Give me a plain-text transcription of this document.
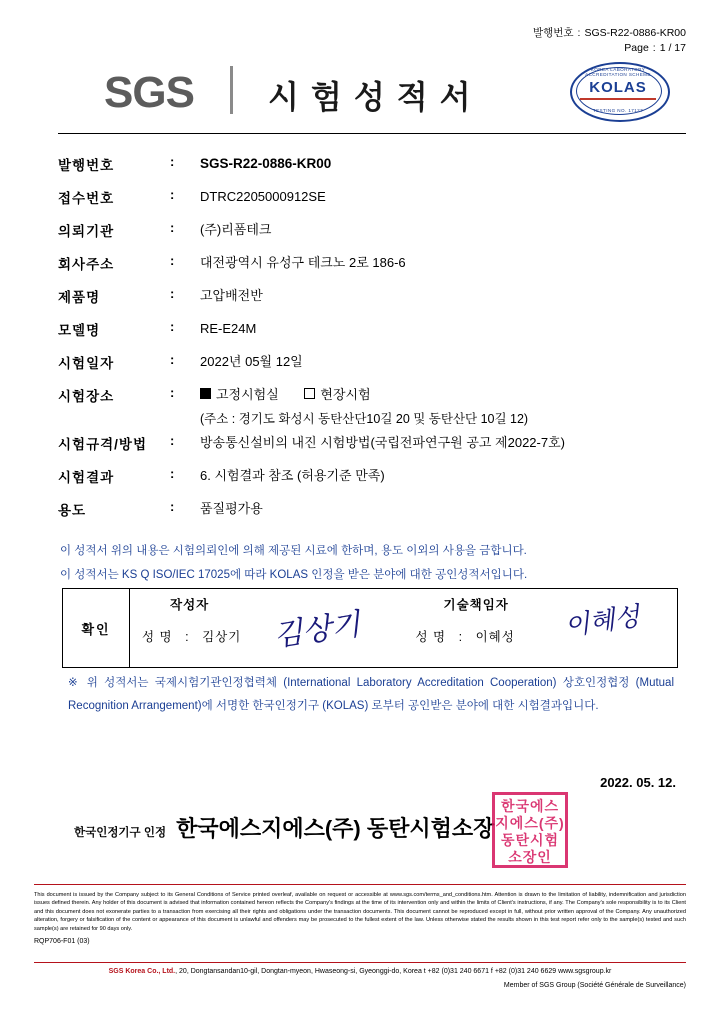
발행번호 : SGS-R22-0886-KR00
Page : 1 / 17
SGS 시험성적서
KOREA LABORATORY ACCREDITATION SCHEME
KOLAS
TESTING NO. 17127
발행번호	:	SGS-R22-0886-KR00
접수번호	:	DTRC2205000912SE
의뢰기관	:	(주)리폼테크
회사주소	:	대전광역시 유성구 테크노 2로 186-6
제품명	:	고압배전반
모델명	:	RE-E24M
시험일자	:	2022년 05월 12일
시험장소	:	고정시험실	현장시험
(주소 : 경기도 화성시 동탄산단10길 20 및 동탄산단 10길 12)
시험규격/방법	:	방송통신설비의 내진 시험방법(국립전파연구원 공고 제2022-7호)
시험결과	:	6. 시험결과 참조 (허용기준 만족)
용도	:	품질평가용
이 성적서 위의 내용은 시험의뢰인에 의해 제공된 시료에 한하며, 용도 이외의 사용을 금합니다.
이 성적서는 KS Q ISO/IEC 17025에 따라 KOLAS 인정을 받은 분야에 대한 공인성적서입니다.
확인
작성자
성 명 : 김상기 김상기
기술책임자
성 명 : 이혜성	이혜성
※ 위 성적서는 국제시험기관인정협력체 (International Laboratory Accreditation Cooperation) 상호인정협정 (Mutual Recognition Arrangement)에 서명한 한국인정기구 (KOLAS) 로부터 공인받은 분야에 대한 시험결과입니다.
2022. 05. 12.
한국인정기구 인정 한국에스지에스(주) 동탄시험소장
한국에스지에스(주)동탄시험소장인
This document is issued by the Company subject to its General Conditions of Service printed overleaf, available on request or accessible at www.sgs.com/terms_and_conditions.htm. Attention is drawn to the limitation of liability, indemnification and jurisdiction issues defined therein. Any holder of this document is advised that information contained hereon reflects the Company's findings at the time of its intervention only and within the limits of Client's instructions, if any. The Company's sole responsibility is to its Client and this document does not exonerate parties to a transaction from exercising all their rights and obligations under the transaction documents. This document cannot be reproduced except in full, without prior written approval of the Company. Any unauthorized alteration, forgery or falsification of the content or appearance of this document is unlawful and offenders may be prosecuted to the fullest extent of the law. Unless otherwise stated the results shown in this test report refer only to the sample(s) tested and such sample(s) are retained for 90 days only.
RQP706-F01 (03)
SGS Korea Co., Ltd., 20, Dongtansandan10-gil, Dongtan-myeon, Hwaseong-si, Gyeonggi-do, Korea t +82 (0)31 240 6671 f +82 (0)31 240 6629 www.sgsgroup.kr
Member of SGS Group (Société Générale de Surveillance)
